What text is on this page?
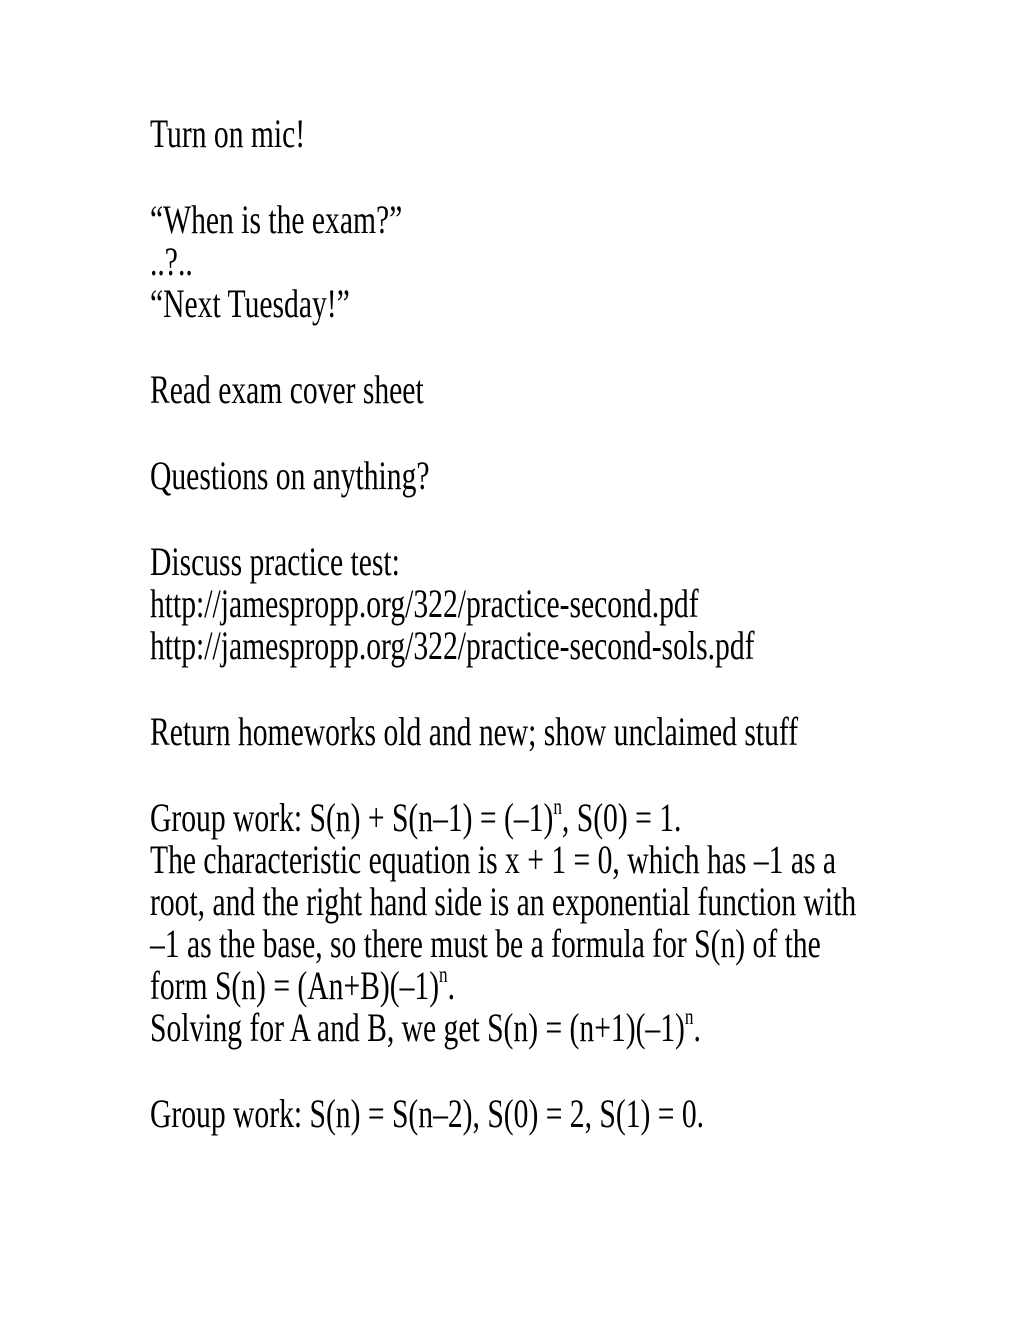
Turn on mic!
“When is the exam?”
..?..
“Next Tuesday!”
Read exam cover sheet
Questions on anything?
Discuss practice test:
http://jamespropp.org/322/practice-second.pdf
http://jamespropp.org/322/practice-second-sols.pdf
Return homeworks old and new; show unclaimed stuff
Group work: $S(n) + S(n-1) = (-1)^n$, S(0) = 1.
The characteristic equation is x + 1 = 0, which has –1 as a
root, and the right hand side is an exponential function with
–1 as the base, so there must be a formula for S(n) of the
form $S(n) = (An+B)(-1)^n$.
Solving for A and B, we get $S(n) = (n+1)(-1)^n$.
Group work: S(n) = S(n–2), S(0) = 2, S(1) = 0.
